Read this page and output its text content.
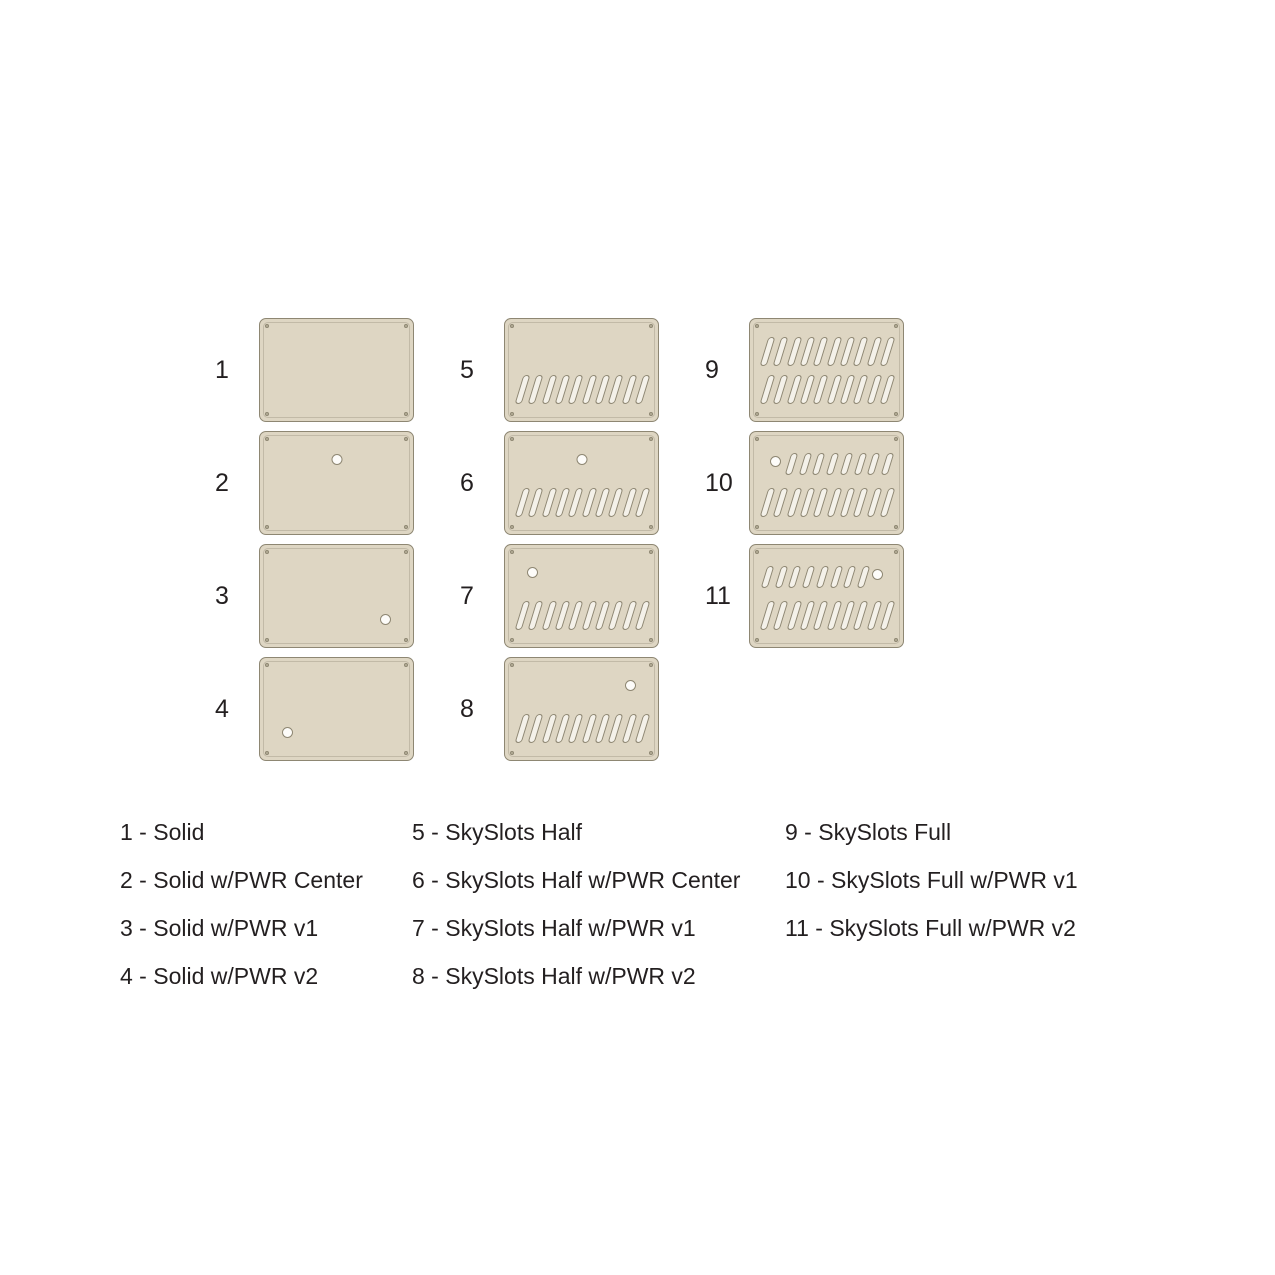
1
2
3
4
5
6
7
8
9
10
11
1 - Solid
2 - Solid w/PWR Center
3 - Solid w/PWR v1
4 - Solid w/PWR v2
5 - SkySlots Half
6 - SkySlots Half w/PWR Center
7 - SkySlots Half w/PWR v1
8 - SkySlots Half w/PWR v2
9 - SkySlots Full
10 - SkySlots Full w/PWR v1
11 - SkySlots Full w/PWR v2
